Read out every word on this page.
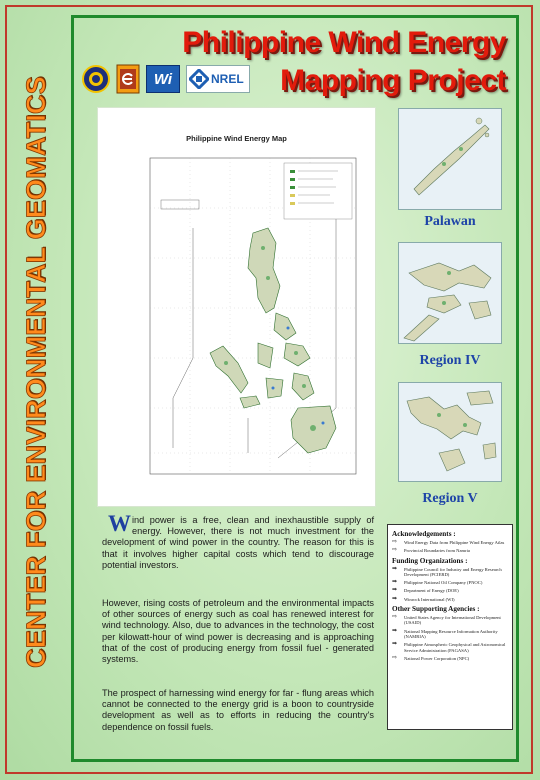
CENTER FOR ENVIRONMENTAL GEOMATICS
Philippine Wind Energy
Mapping Project
Wi	NREL
Philippine Wind Energy Map
Palawan
Region IV
Region V
Wind power is a free, clean and inexhaustible supply of energy. However, there is not much investment for the development of wind power in the country. The reason for this is that it involves higher capital costs which tend to discourage potential investors.
However, rising costs of petroleum and the environmental impacts of other sources of energy such as coal has renewed interest for wind technology. Also, due to advances in the technology, the cost per kilowatt-hour of wind power is decreasing and is approaching that of the cost of producing energy from fossil fuel - generated systems.
The prospect of harnessing wind energy for far - flung areas which cannot be connected to the energy grid is a boon to countryside development as well as to efforts in reducing the country's dependence on fossil fuels.
Acknowledgements :
⇨	Wind Energy Data from Philippine Wind Energy Atlas
⇨	Provincial Boundaries from Namria
Funding Organizations :
➡	Philippine Council for Industry and Energy Research Development (PCIERD)
➡	Philippine National Oil Company (PNOC)
➡	Department of Energy (DOE)
➡	Winrock International (WI)
Other Supporting Agencies :
⇨	United States Agency for International Development (USAID)
➡	National Mapping Resource Information Authority (NAMRIA)
➡	Philippine Atmospheric Geophysical and Astronomical Service Administration (PAGASA)
⇨	National Power Corporation (NPC)
